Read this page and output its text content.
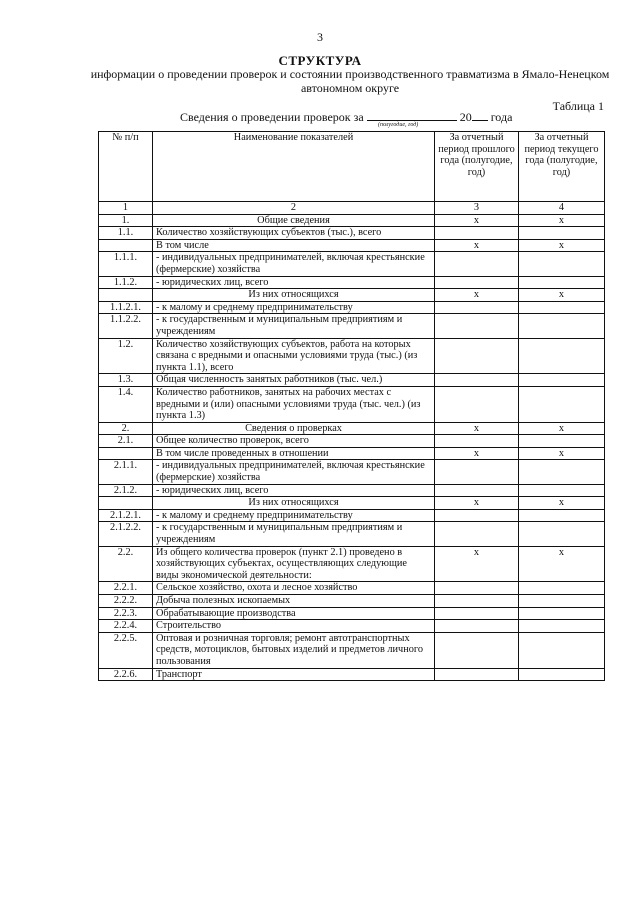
3
СТРУКТУРА
информации о проведении проверок и состоянии производственного травматизма в Ямало-Ненецком автономном округе
Таблица 1
Сведения о проведении проверок за	20 года
(полугодие, год)
№ п/п	Наименование показателей	За отчетный период прошлого года (полугодие, год)	За отчетный период текущего года (полугодие, год)
1	2	3	4
1.	Общие сведения	х	х
1.1.	Количество хозяйствующих субъектов (тыс.), всего		
	В том числе	х	х
1.1.1.	- индивидуальных предпринимателей, включая крестьянские (фермерские) хозяйства		
1.1.2.	- юридических лиц, всего		
	Из них относящихся	х	х
1.1.2.1.	- к малому и среднему предпринимательству		
1.1.2.2.	- к государственным и муниципальным предприятиям и учреждениям		
1.2.	Количество хозяйствующих субъектов, работа на которых связана с вредными и опасными условиями труда (тыс.) (из пункта 1.1), всего		
1.3.	Общая численность занятых работников (тыс. чел.)		
1.4.	Количество работников, занятых на рабочих местах с вредными и (или) опасными условиями труда (тыс. чел.) (из пункта 1.3)		
2.	Сведения о проверках	х	х
2.1.	Общее количество проверок, всего		
	В том числе проведенных в отношении	х	х
2.1.1.	- индивидуальных предпринимателей, включая крестьянские (фермерские) хозяйства		
2.1.2.	- юридических лиц, всего		
	Из них относящихся	х	х
2.1.2.1.	- к малому и среднему предпринимательству		
2.1.2.2.	- к государственным и муниципальным предприятиям и учреждениям		
2.2.	Из общего количества проверок (пункт 2.1) проведено в хозяйствующих субъектах, осуществляющих следующие виды экономической деятельности:	х	х
2.2.1.	Сельское хозяйство, охота и лесное хозяйство		
2.2.2.	Добыча полезных ископаемых		
2.2.3.	Обрабатывающие производства		
2.2.4.	Строительство		
2.2.5.	Оптовая и розничная торговля; ремонт автотранспортных средств, мотоциклов, бытовых изделий и предметов личного пользования		
2.2.6.	Транспорт		
